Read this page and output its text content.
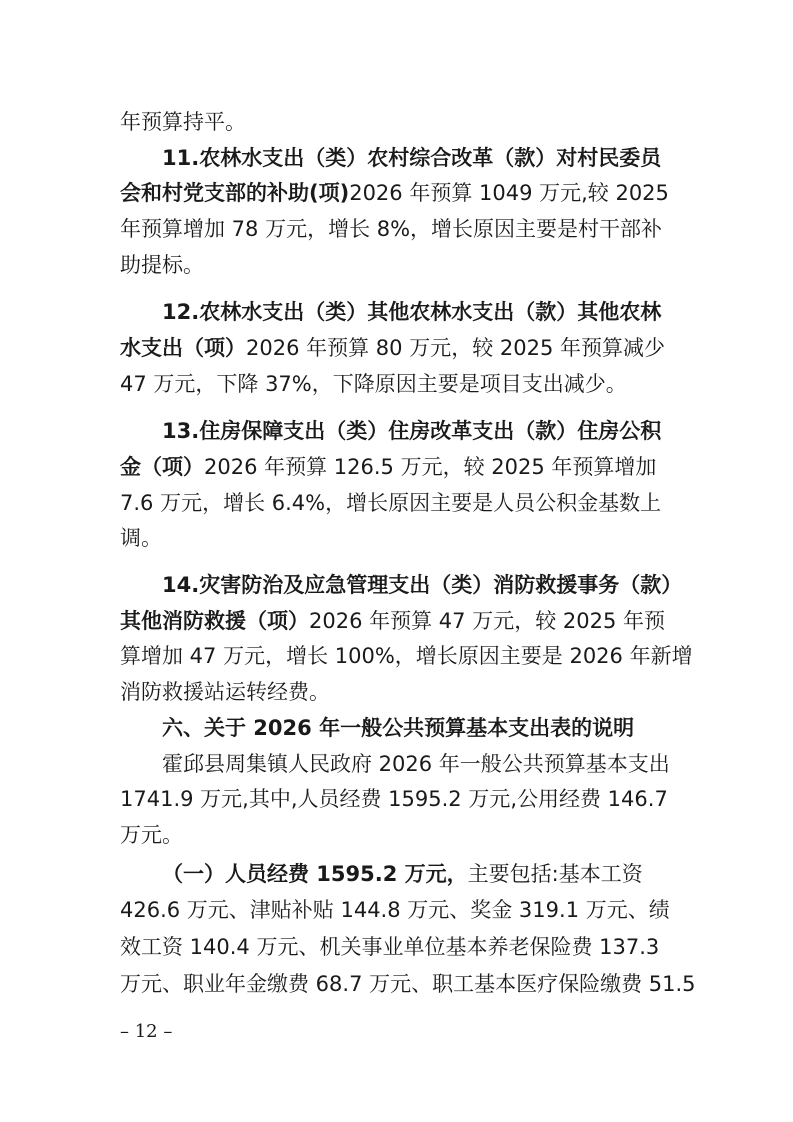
年预算持平。
11.农林水支出（类）农村综合改革（款）对村民委员
会和村党支部的补助(项)2026 年预算 1049 万元,较 2025
年预算增加 78 万元，增长 8%，增长原因主要是村干部补
助提标。
12.农林水支出（类）其他农林水支出（款）其他农林
水支出（项）2026 年预算 80 万元，较 2025 年预算减少
47 万元，下降 37%，下降原因主要是项目支出减少。
13.住房保障支出（类）住房改革支出（款）住房公积
金（项）2026 年预算 126.5 万元，较 2025 年预算增加
7.6 万元，增长 6.4%，增长原因主要是人员公积金基数上
调。
14.灾害防治及应急管理支出（类）消防救援事务（款）
其他消防救援（项）2026 年预算 47 万元，较 2025 年预
算增加 47 万元，增长 100%，增长原因主要是 2026 年新增
消防救援站运转经费。
六、关于 2026 年一般公共预算基本支出表的说明
霍邱县周集镇人民政府 2026 年一般公共预算基本支出
1741.9 万元,其中,人员经费 1595.2 万元,公用经费 146.7
万元。
（一）人员经费 1595.2 万元，主要包括:基本工资
426.6 万元、津贴补贴 144.8 万元、奖金 319.1 万元、绩
效工资 140.4 万元、机关事业单位基本养老保险费 137.3
万元、职业年金缴费 68.7 万元、职工基本医疗保险缴费 51.5
– 12 –
